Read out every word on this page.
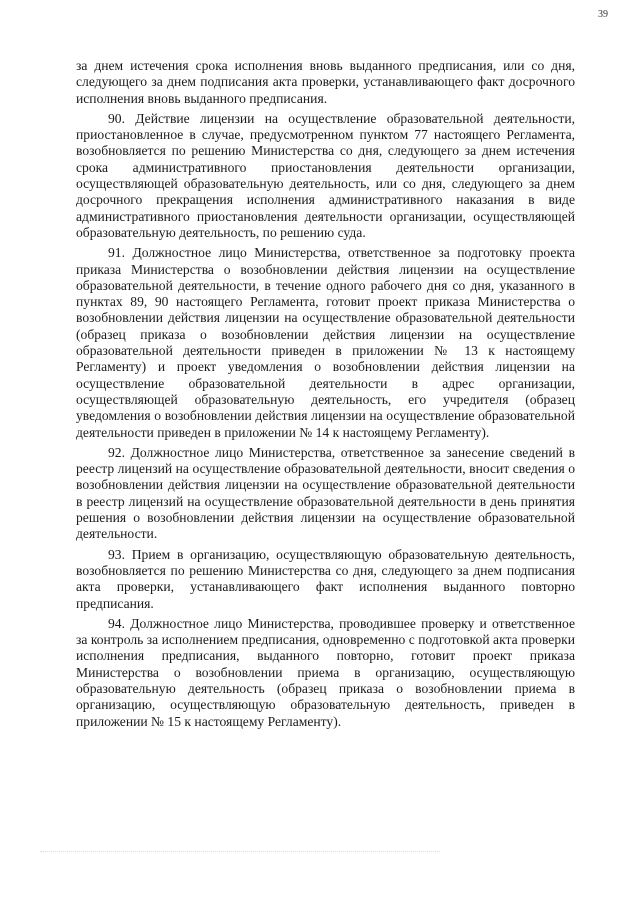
39

за днем истечения срока исполнения вновь выданного предписания, или со дня, следующего за днем подписания акта проверки, устанавливающего факт досрочного исполнения вновь выданного предписания.

90. Действие лицензии на осуществление образовательной деятельности, приостановленное в случае, предусмотренном пунктом 77 настоящего Регламента, возобновляется по решению Министерства со дня, следующего за днем истечения срока административного приостановления деятельности организации, осуществляющей образовательную деятельность, или со дня, следующего за днем досрочного прекращения исполнения административного наказания в виде административного приостановления деятельности организации, осуществляющей образовательную деятельность, по решению суда.

91. Должностное лицо Министерства, ответственное за подготовку проекта приказа Министерства о возобновлении действия лицензии на осуществление образовательной деятельности, в течение одного рабочего дня со дня, указанного в пунктах 89, 90 настоящего Регламента, готовит проект приказа Министерства о возобновлении действия лицензии на осуществление образовательной деятельности (образец приказа о возобновлении действия лицензии на осуществление образовательной деятельности приведен в приложении № 13 к настоящему Регламенту) и проект уведомления о возобновлении действия лицензии на осуществление образовательной деятельности в адрес организации, осуществляющей образовательную деятельность, его учредителя (образец уведомления о возобновлении действия лицензии на осуществление образовательной деятельности приведен в приложении № 14 к настоящему Регламенту).

92. Должностное лицо Министерства, ответственное за занесение сведений в реестр лицензий на осуществление образовательной деятельности, вносит сведения о возобновлении действия лицензии на осуществление образовательной деятельности в реестр лицензий на осуществление образовательной деятельности в день принятия решения о возобновлении действия лицензии на осуществление образовательной деятельности.

93. Прием в организацию, осуществляющую образовательную деятельность, возобновляется по решению Министерства со дня, следующего за днем подписания акта проверки, устанавливающего факт исполнения выданного повторно предписания.

94. Должностное лицо Министерства, проводившее проверку и ответственное за контроль за исполнением предписания, одновременно с подготовкой акта проверки исполнения предписания, выданного повторно, готовит проект приказа Министерства о возобновлении приема в организацию, осуществляющую образовательную деятельность (образец приказа о возобновлении приема в организацию, осуществляющую образовательную деятельность, приведен в приложении № 15 к настоящему Регламенту).
